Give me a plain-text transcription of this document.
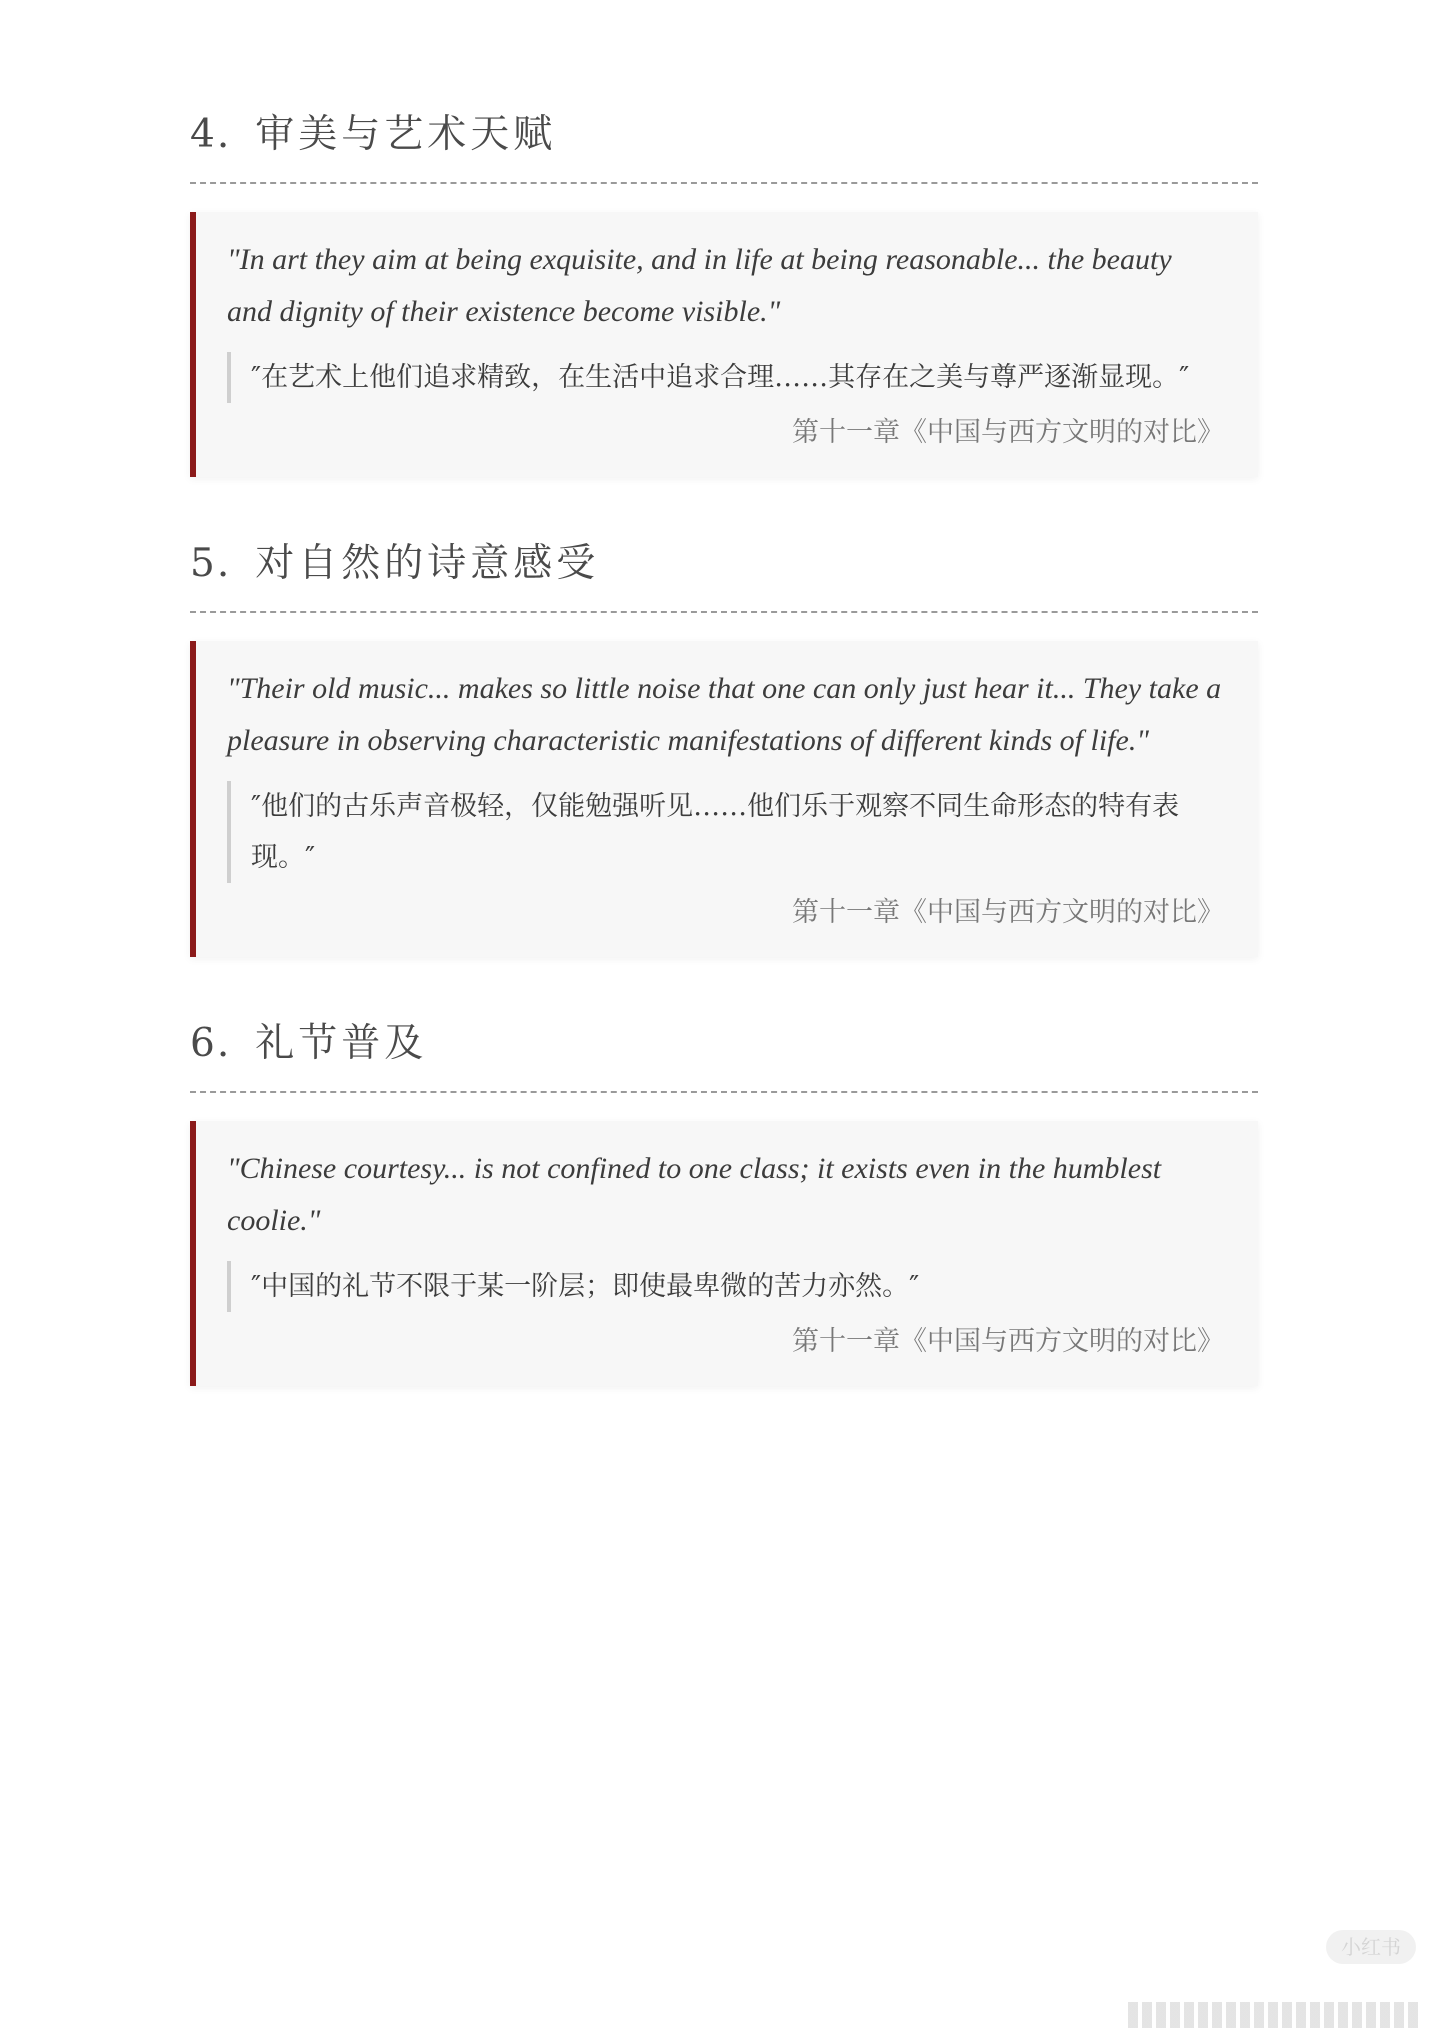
4. 审美与艺术天赋

"In art they aim at being exquisite, and in life at being reasonable... the beauty and dignity of their existence become visible."

″在艺术上他们追求精致，在生活中追求合理……其存在之美与尊严逐渐显现。″

第十一章《中国与西方文明的对比》
5. 对自然的诗意感受

"Their old music... makes so little noise that one can only just hear it... They take a pleasure in observing characteristic manifestations of different kinds of life."

″他们的古乐声音极轻，仅能勉强听见……他们乐于观察不同生命形态的特有表现。″

第十一章《中国与西方文明的对比》
6. 礼节普及

"Chinese courtesy... is not confined to one class; it exists even in the humblest coolie."

″中国的礼节不限于某一阶层；即使最卑微的苦力亦然。″

第十一章《中国与西方文明的对比》
小红书
